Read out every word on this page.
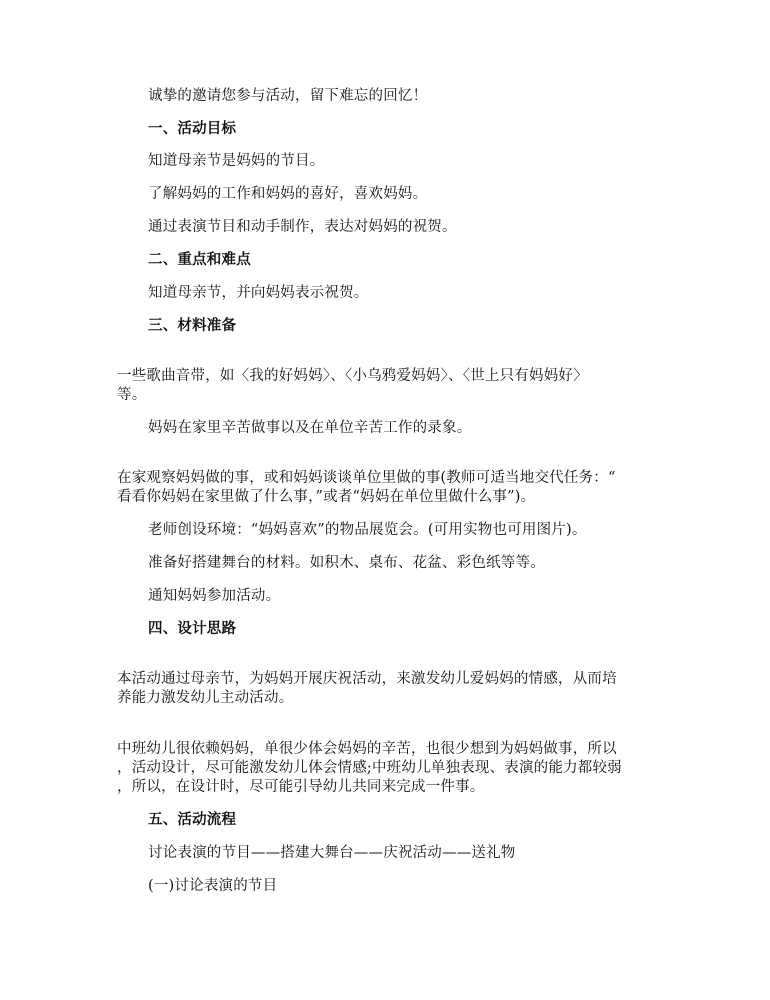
诚挚的邀请您参与活动，留下难忘的回忆！
一、活动目标
知道母亲节是妈妈的节目。
了解妈妈的工作和妈妈的喜好，喜欢妈妈。
通过表演节目和动手制作，表达对妈妈的祝贺。
二、重点和难点
知道母亲节，并向妈妈表示祝贺。
三、材料准备
一些歌曲音带，如〈我的好妈妈〉、〈小乌鸦爱妈妈〉、〈世上只有妈妈好〉
等。
妈妈在家里辛苦做事以及在单位辛苦工作的录象。
在家观察妈妈做的事，或和妈妈谈谈单位里做的事(教师可适当地交代任务：“
看看你妈妈在家里做了什么事，”或者“妈妈在单位里做什么事”)。
老师创设环境：“妈妈喜欢”的物品展览会。(可用实物也可用图片)。
准备好搭建舞台的材料。如积木、桌布、花盆、彩色纸等等。
通知妈妈参加活动。
四、设计思路
本活动通过母亲节，为妈妈开展庆祝活动，来激发幼儿爱妈妈的情感，从而培
养能力激发幼儿主动活动。
中班幼儿很依赖妈妈，单很少体会妈妈的辛苦，也很少想到为妈妈做事，所以
，活动设计，尽可能激发幼儿体会情感;中班幼儿单独表现、表演的能力都较弱
，所以，在设计时，尽可能引导幼儿共同来完成一件事。
五、活动流程
讨论表演的节目——搭建大舞台——庆祝活动——送礼物
(一)讨论表演的节目
